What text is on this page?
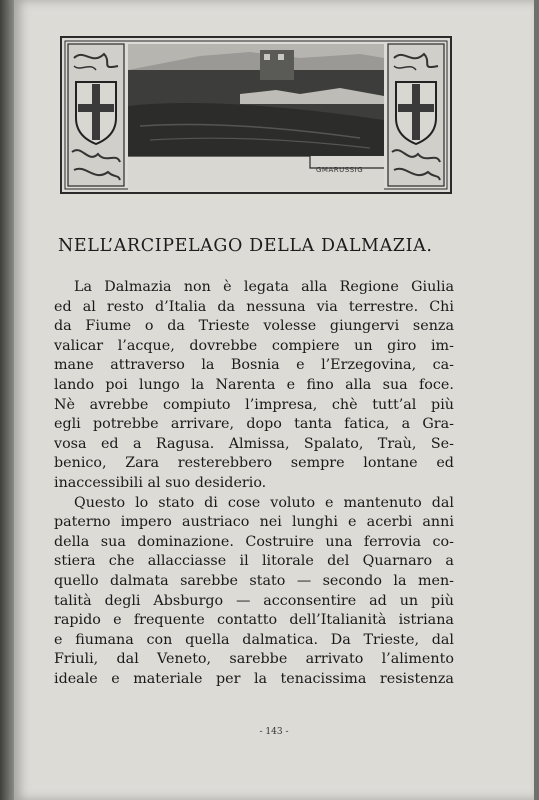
GMARUSSIG
NELL’ARCIPELAGO DELLA DALMAZIA.
La Dalmazia non è legata alla Regione Giulia
ed al resto d’Italia da nessuna via terrestre. Chi
da Fiume o da Trieste volesse giungervi senza
valicar l’acque, dovrebbe compiere un giro im-
mane attraverso la Bosnia e l’Erzegovina, ca-
lando poi lungo la Narenta e fino alla sua foce.
Nè avrebbe compiuto l’impresa, chè tutt’al più
egli potrebbe arrivare, dopo tanta fatica, a Gra-
vosa ed a Ragusa. Almissa, Spalato, Traù, Se-
benico, Zara resterebbero sempre lontane ed
inaccessibili al suo desiderio.
Questo lo stato di cose voluto e mantenuto dal
paterno impero austriaco nei lunghi e acerbi anni
della sua dominazione. Costruire una ferrovia co-
stiera che allacciasse il litorale del Quarnaro a
quello dalmata sarebbe stato — secondo la men-
talità degli Absburgo — acconsentire ad un più
rapido e frequente contatto dell’Italianità istriana
e fiumana con quella dalmatica. Da Trieste, dal
Friuli, dal Veneto, sarebbe arrivato l’alimento
ideale e materiale per la tenacissima resistenza
- 143 -
